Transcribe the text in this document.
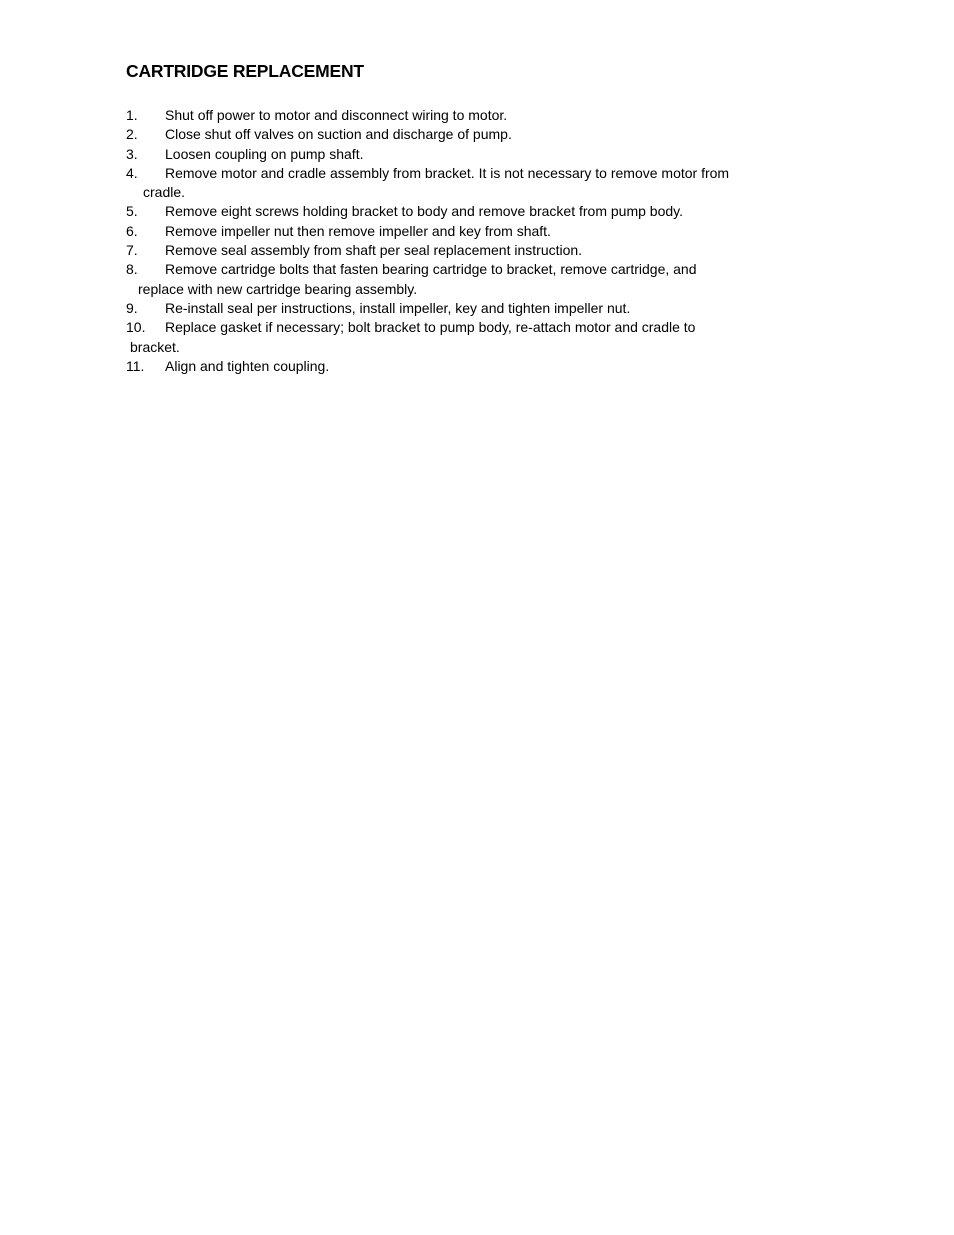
CARTRIDGE REPLACEMENT
1. Shut off power to motor and disconnect wiring to motor.
2. Close shut off valves on suction and discharge of pump.
3. Loosen coupling on pump shaft.
4. Remove motor and cradle assembly from bracket. It is not necessary to remove motor from
cradle.
5. Remove eight screws holding bracket to body and remove bracket from pump body.
6. Remove impeller nut then remove impeller and key from shaft.
7. Remove seal assembly from shaft per seal replacement instruction.
8. Remove cartridge bolts that fasten bearing cartridge to bracket, remove cartridge, and
replace with new cartridge bearing assembly.
9. Re-install seal per instructions, install impeller, key and tighten impeller nut.
10. Replace gasket if necessary; bolt bracket to pump body, re-attach motor and cradle to
bracket.
11. Align and tighten coupling.
